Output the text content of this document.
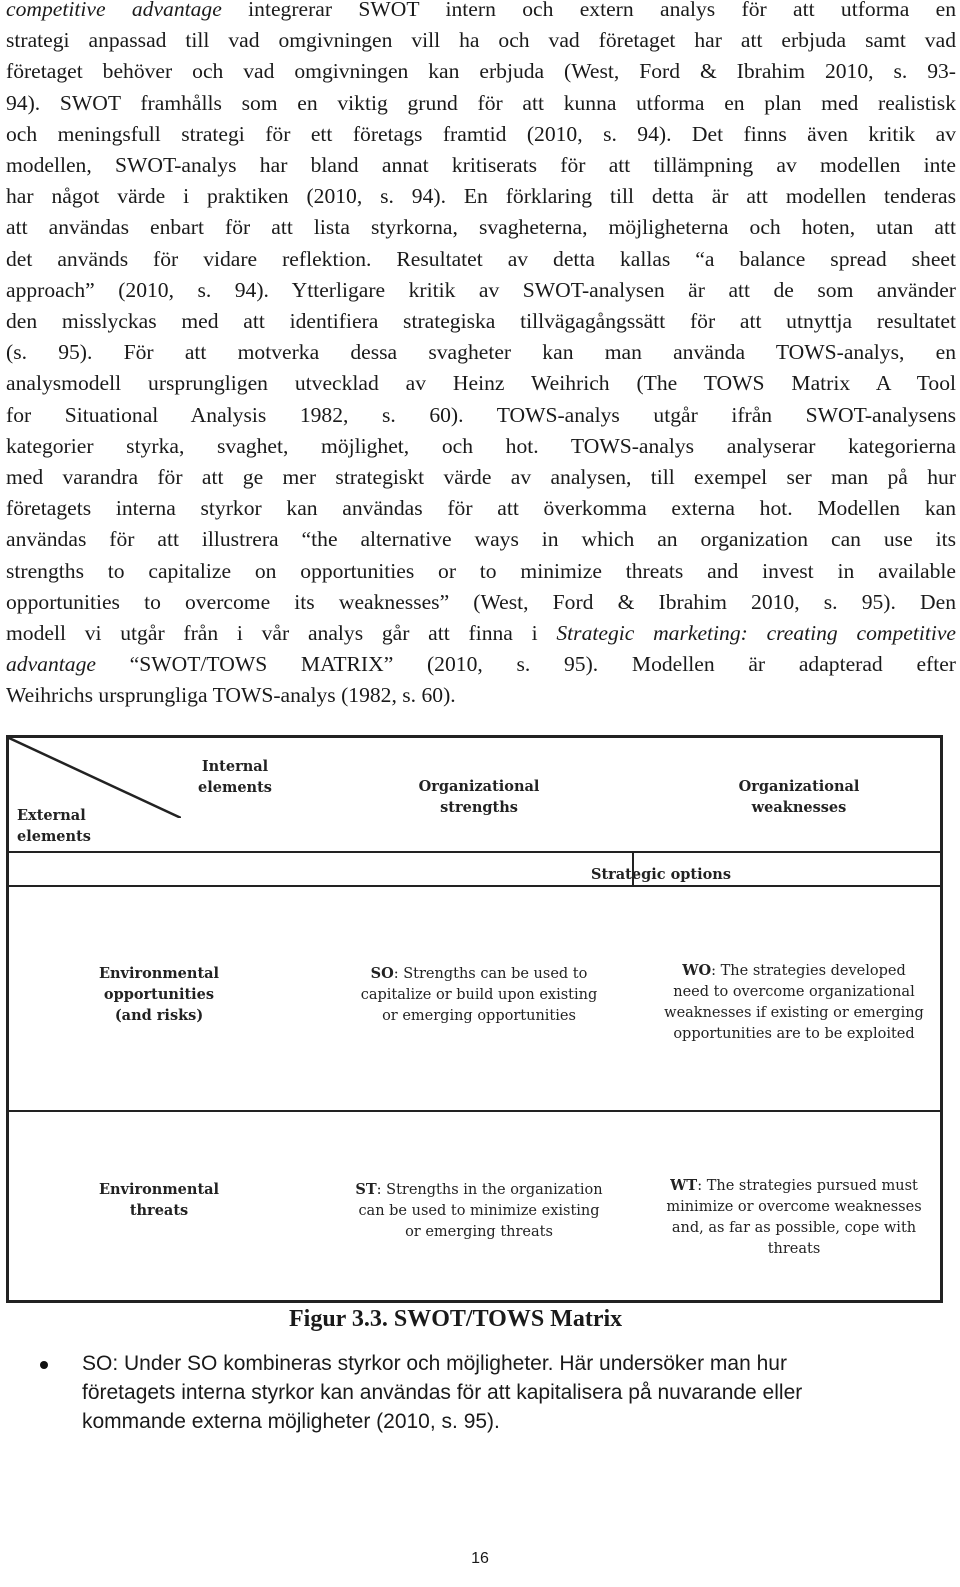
competitive advantage integrerar SWOT intern och extern analys för att utforma en
strategi anpassad till vad omgivningen vill ha och vad företaget har att erbjuda samt vad
företaget behöver och vad omgivningen kan erbjuda (West, Ford & Ibrahim 2010, s. 93-
94). SWOT framhålls som en viktig grund för att kunna utforma en plan med realistisk
och meningsfull strategi för ett företags framtid (2010, s. 94). Det finns även kritik av
modellen, SWOT-analys har bland annat kritiserats för att tillämpning av modellen inte
har något värde i praktiken (2010, s. 94). En förklaring till detta är att modellen tenderas
att användas enbart för att lista styrkorna, svagheterna, möjligheterna och hoten, utan att
det används för vidare reflektion. Resultatet av detta kallas “a balance spread sheet
approach” (2010, s. 94). Ytterligare kritik av SWOT-analysen är att de som använder
den misslyckas med att identifiera strategiska tillvägagångssätt för att utnyttja resultatet
(s. 95). För att motverka dessa svagheter kan man använda TOWS-analys, en
analysmodell ursprungligen utvecklad av Heinz Weihrich (The TOWS Matrix A Tool
for Situational Analysis 1982, s. 60). TOWS-analys utgår ifrån SWOT-analysens
kategorier styrka, svaghet, möjlighet, och hot. TOWS-analys analyserar kategorierna
med varandra för att ge mer strategiskt värde av analysen, till exempel ser man på hur
företagets interna styrkor kan användas för att överkomma externa hot. Modellen kan
användas för att illustrera “the alternative ways in which an organization can use its
strengths to capitalize on opportunities or to minimize threats and invest in available
opportunities to overcome its weaknesses” (West, Ford & Ibrahim 2010, s. 95). Den
modell vi utgår från i vår analys går att finna i Strategic marketing: creating competitive
advantage “SWOT/TOWS MATRIX” (2010, s. 95). Modellen är adapterad efter
Weihrichs ursprungliga TOWS-analys (1982, s. 60).
Internal
elements
External
elements
Organizational
strengths
Organizational
weaknesses
Strategic options
Environmental
opportunities
(and risks)
SO: Strengths can be used to
capitalize or build upon existing
or emerging opportunities
WO: The strategies developed
need to overcome organizational
weaknesses if existing or emerging
opportunities are to be exploited
Environmental
threats
ST: Strengths in the organization
can be used to minimize existing
or emerging threats
WT: The strategies pursued must
minimize or overcome weaknesses
and, as far as possible, cope with
threats
Figur 3.3. SWOT/TOWS Matrix
SO: Under SO kombineras styrkor och möjligheter. Här undersöker man hur
företagets interna styrkor kan användas för att kapitalisera på nuvarande eller
kommande externa möjligheter (2010, s. 95).
16
